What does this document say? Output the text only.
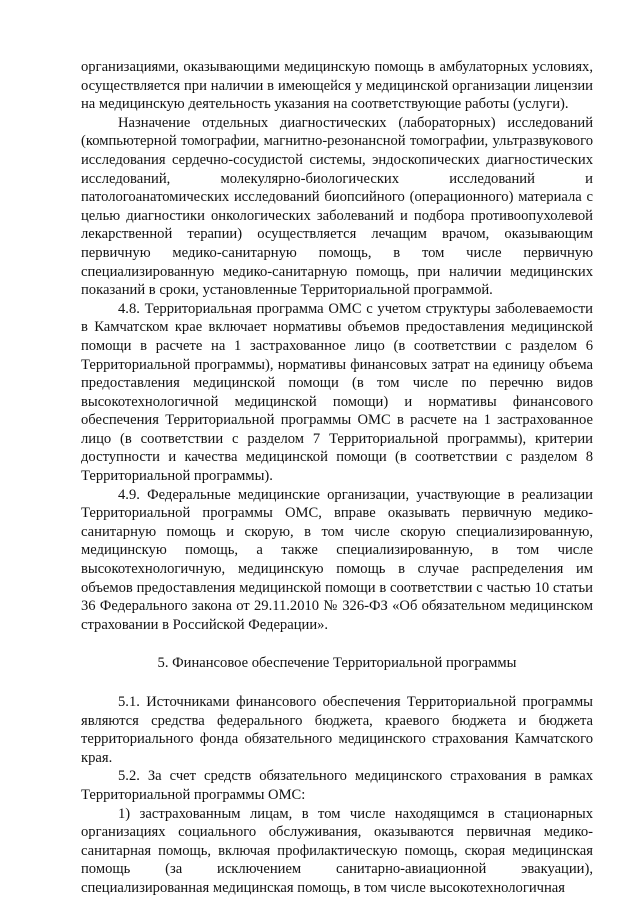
организациями, оказывающими медицинскую помощь в амбулаторных условиях, осуществляется при наличии в имеющейся у медицинской организации лицензии на медицинскую деятельность указания на соответствующие работы (услуги).

Назначение отдельных диагностических (лабораторных) исследований (компьютерной томографии, магнитно-резонансной томографии, ультразвукового исследования сердечно-сосудистой системы, эндоскопических диагностических исследований, молекулярно-биологических исследований и патологоанатомических исследований биопсийного (операционного) материала с целью диагностики онкологических заболеваний и подбора противоопухолевой лекарственной терапии) осуществляется лечащим врачом, оказывающим первичную медико-санитарную помощь, в том числе первичную специализированную медико-санитарную помощь, при наличии медицинских показаний в сроки, установленные Территориальной программой.

4.8. Территориальная программа ОМС с учетом структуры заболеваемости в Камчатском крае включает нормативы объемов предоставления медицинской помощи в расчете на 1 застрахованное лицо (в соответствии с разделом 6 Территориальной программы), нормативы финансовых затрат на единицу объема предоставления медицинской помощи (в том числе по перечню видов высокотехнологичной медицинской помощи) и нормативы финансового обеспечения Территориальной программы ОМС в расчете на 1 застрахованное лицо (в соответствии с разделом 7 Территориальной программы), критерии доступности и качества медицинской помощи (в соответствии с разделом 8 Территориальной программы).

4.9. Федеральные медицинские организации, участвующие в реализации Территориальной программы ОМС, вправе оказывать первичную медико-санитарную помощь и скорую, в том числе скорую специализированную, медицинскую помощь, а также специализированную, в том числе высокотехнологичную, медицинскую помощь в случае распределения им объемов предоставления медицинской помощи в соответствии с частью 10 статьи 36 Федерального закона от 29.11.2010 № 326-ФЗ «Об обязательном медицинском страховании в Российской Федерации».

5. Финансовое обеспечение Территориальной программы

5.1. Источниками финансового обеспечения Территориальной программы являются средства федерального бюджета, краевого бюджета и бюджета территориального фонда обязательного медицинского страхования Камчатского края.

5.2. За счет средств обязательного медицинского страхования в рамках Территориальной программы ОМС:

1) застрахованным лицам, в том числе находящимся в стационарных организациях социального обслуживания, оказываются первичная медико-санитарная помощь, включая профилактическую помощь, скорая медицинская помощь (за исключением санитарно-авиационной эвакуации), специализированная медицинская помощь, в том числе высокотехнологичная
